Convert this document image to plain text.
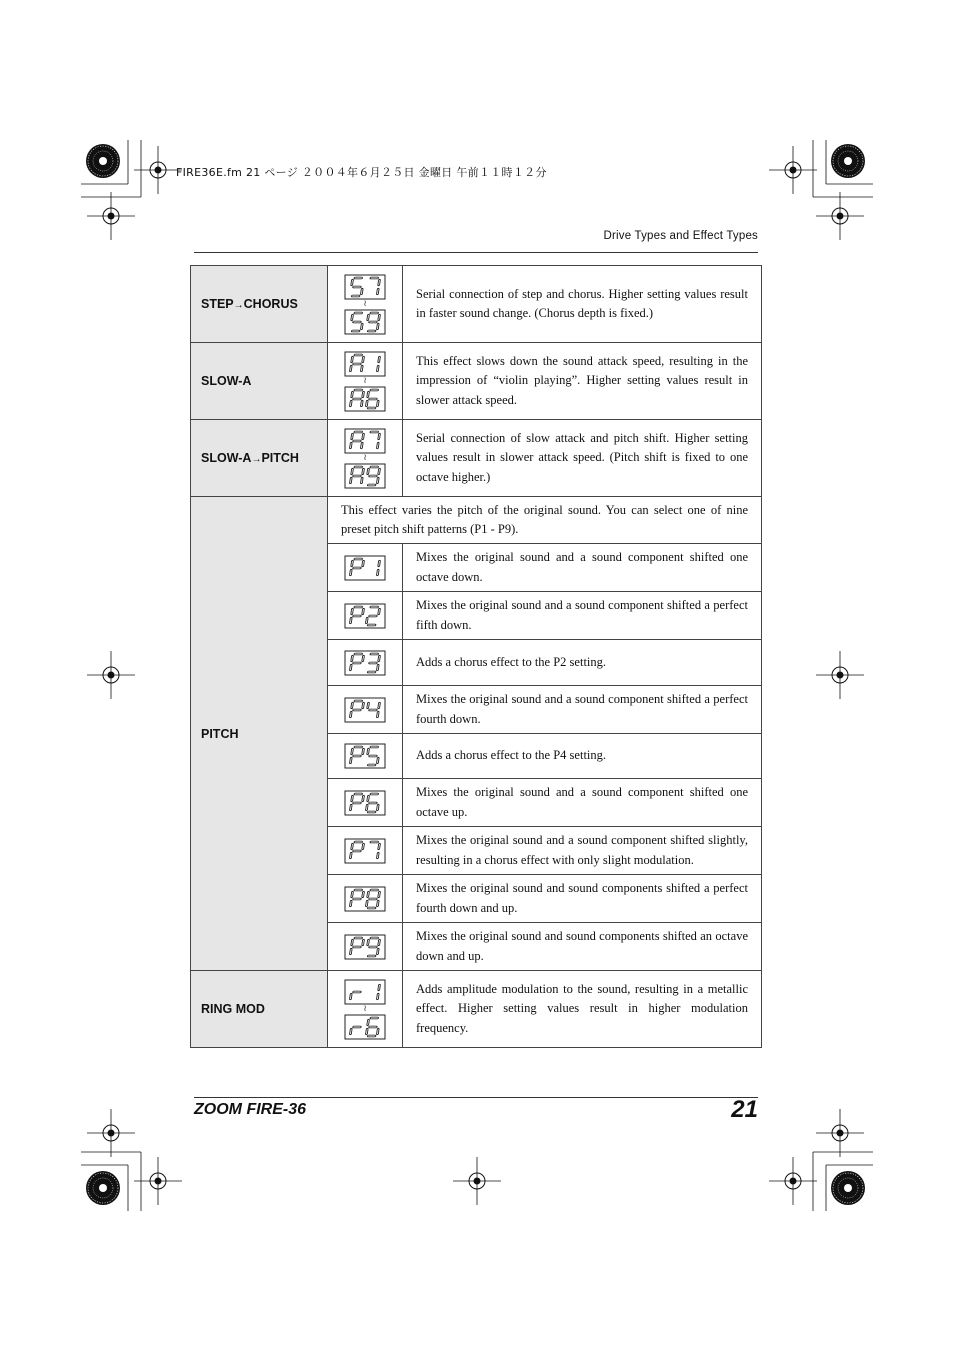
FIRE36E.fm 21 ページ ２００４年６月２５日 金曜日 午前１１時１２分
Drive Types and Effect Types
STEP→CHORUS	≀	Serial connection of step and chorus. Higher setting values result in faster sound change. (Chorus depth is fixed.)
SLOW-A	≀	This effect slows down the sound attack speed, resulting in the impression of “violin playing”. Higher setting values result in slower attack speed.
SLOW-A→PITCH	≀	Serial connection of slow attack and pitch shift. Higher setting values result in slower attack speed. (Pitch shift is fixed to one octave higher.)
PITCH	This effect varies the pitch of the original sound. You can select one of nine preset pitch shift patterns (P1 - P9).	

	Mixes the original sound and a sound component shifted one octave down.

	Mixes the original sound and a sound component shifted a perfect fifth down.

	Adds a chorus effect to the P2 setting.

	Mixes the original sound and a sound component shifted a perfect fourth down.

	Adds a chorus effect to the P4 setting.

	Mixes the original sound and a sound component shifted one octave up.

	Mixes the original sound and a sound component shifted slightly, resulting in a chorus effect with only slight modulation.

	Mixes the original sound and sound components shifted a perfect fourth down and up.

	Mixes the original sound and sound components shifted an octave down and up.
RING MOD	≀	Adds amplitude modulation to the sound, resulting in a metallic effect. Higher setting values result in higher modulation frequency.
ZOOM FIRE-36	21
